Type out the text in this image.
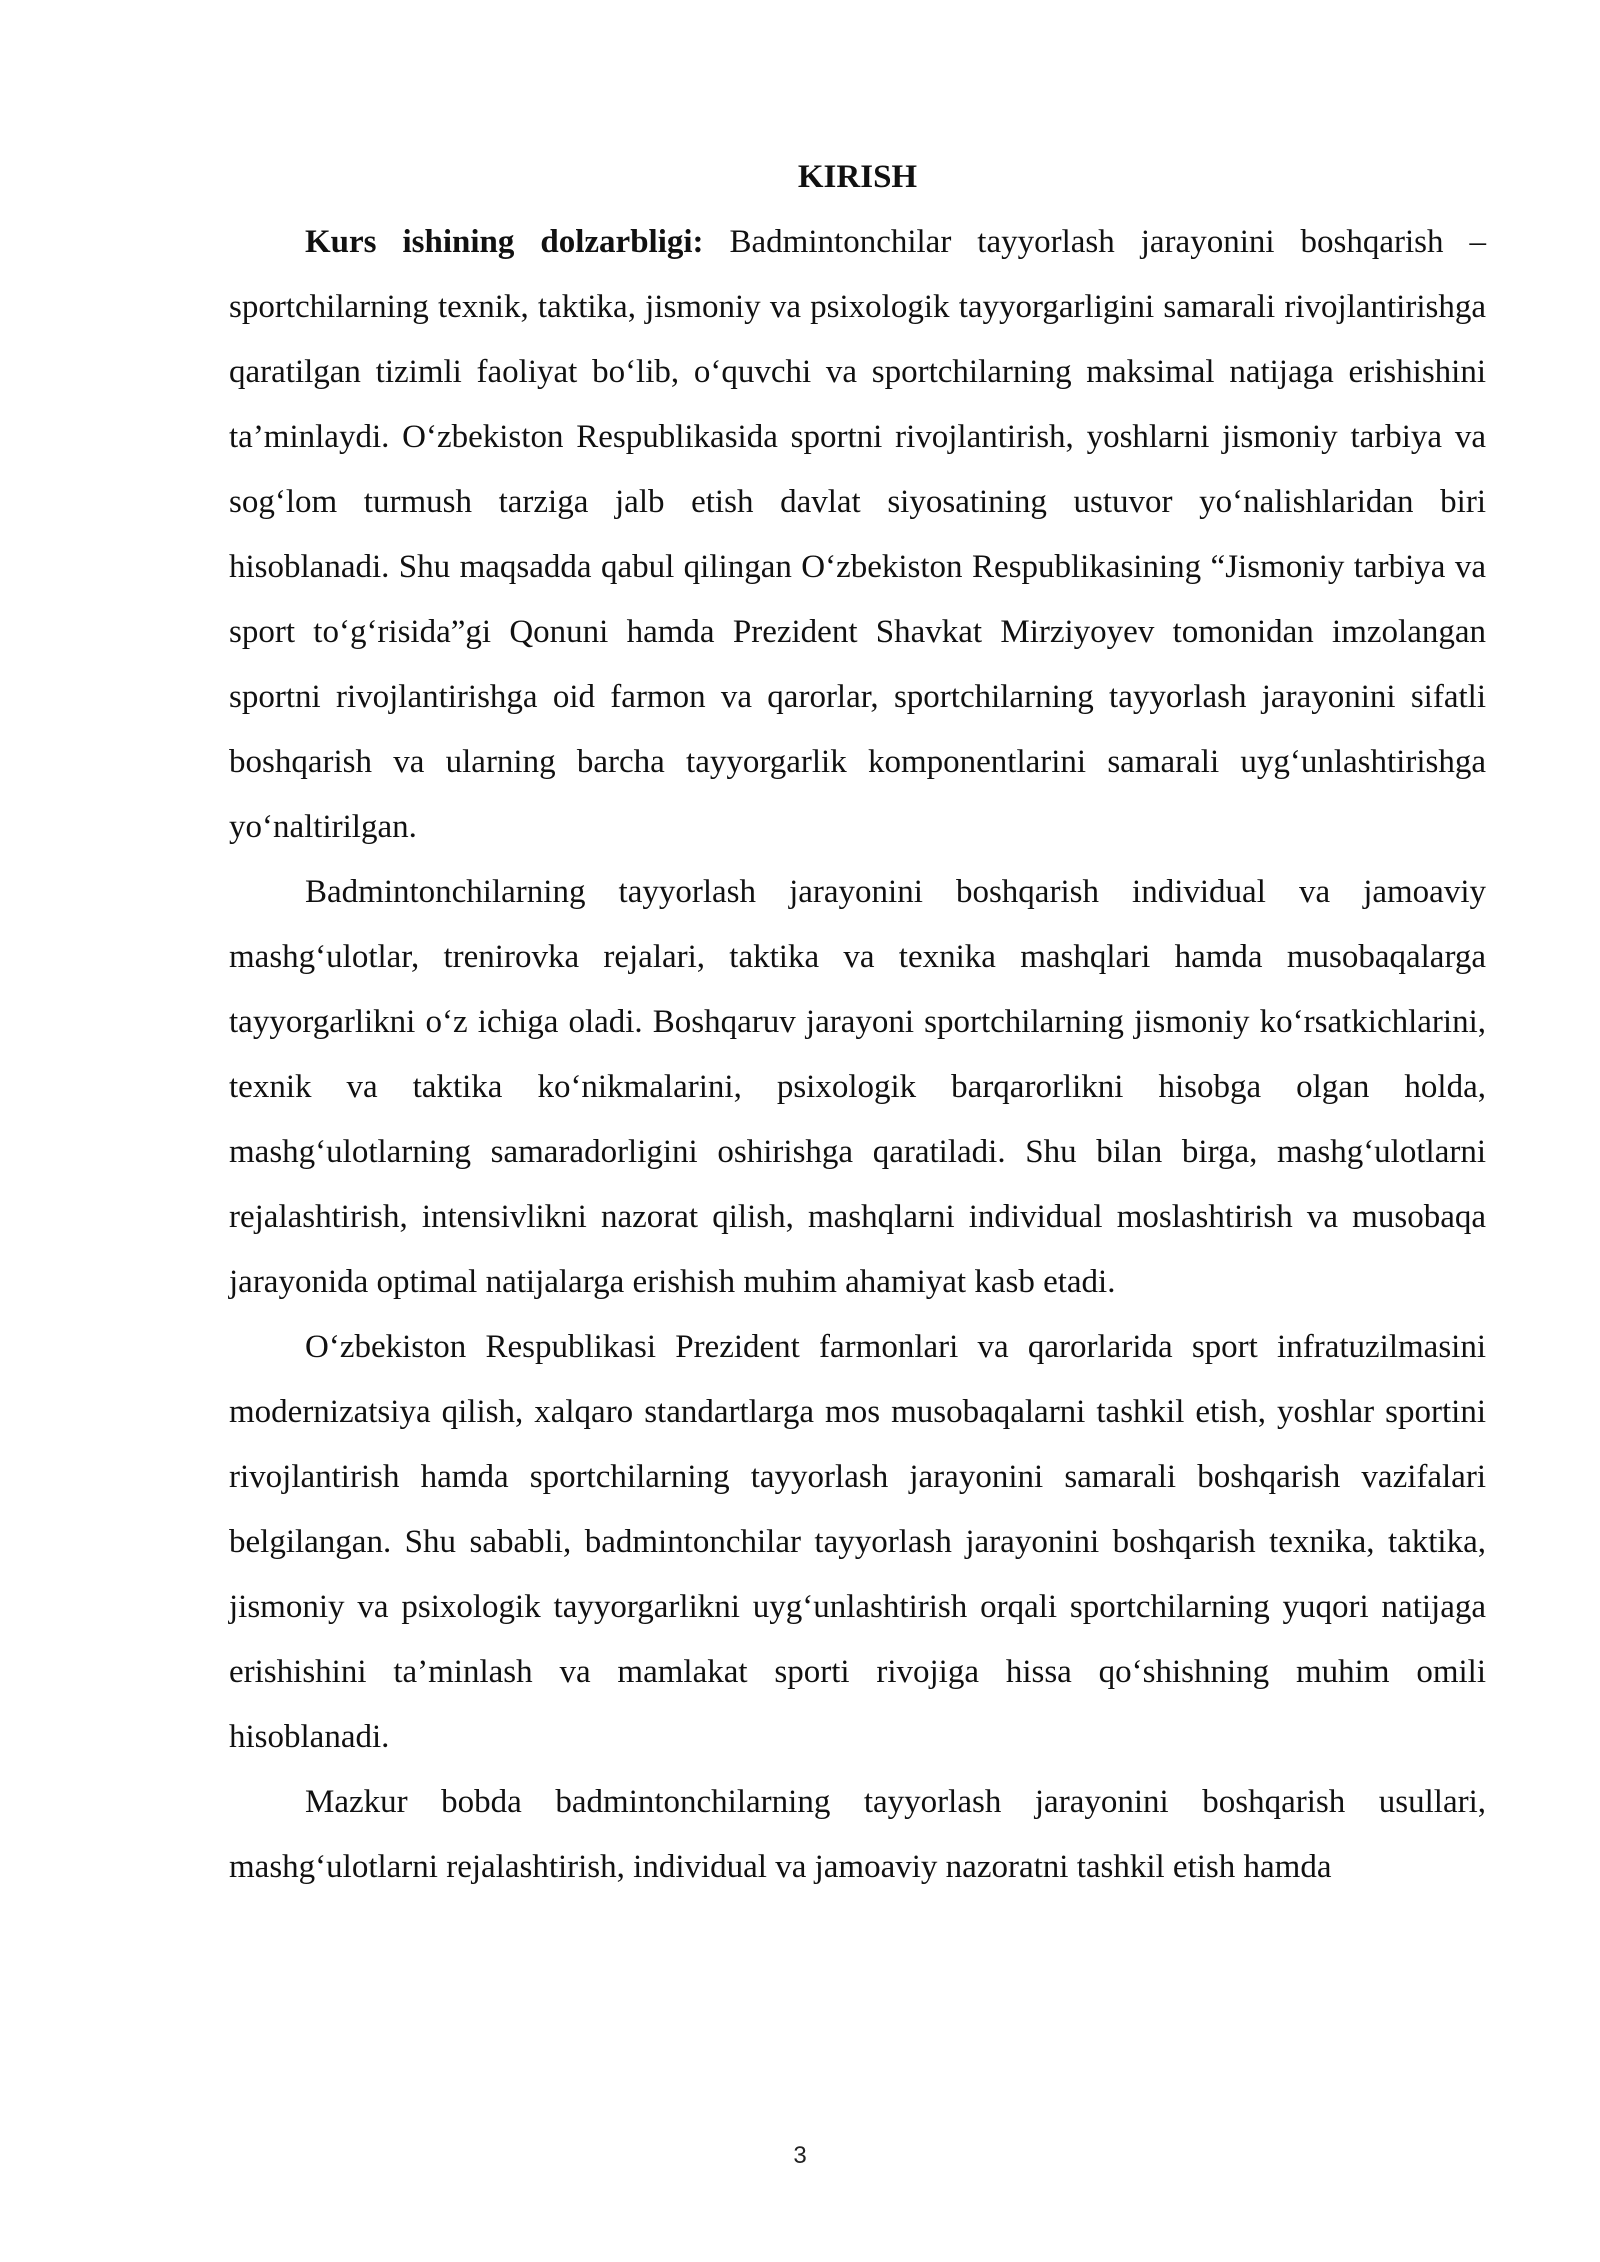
KIRISH

Kurs ishining dolzarbligi: Badmintonchilar tayyorlash jarayonini boshqarish – sportchilarning texnik, taktika, jismoniy va psixologik tayyorgarligini samarali rivojlantirishga qaratilgan tizimli faoliyat bo‘lib, o‘quvchi va sportchilarning maksimal natijaga erishishini ta’minlaydi. O‘zbekiston Respublikasida sportni rivojlantirish, yoshlarni jismoniy tarbiya va sog‘lom turmush tarziga jalb etish davlat siyosatining ustuvor yo‘nalishlaridan biri hisoblanadi. Shu maqsadda qabul qilingan O‘zbekiston Respublikasining “Jismoniy tarbiya va sport to‘g‘risida”gi Qonuni hamda Prezident Shavkat Mirziyoyev tomonidan imzolangan sportni rivojlantirishga oid farmon va qarorlar, sportchilarning tayyorlash jarayonini sifatli boshqarish va ularning barcha tayyorgarlik komponentlarini samarali uyg‘unlashtirishga yo‘naltirilgan.

Badmintonchilarning tayyorlash jarayonini boshqarish individual va jamoaviy mashg‘ulotlar, trenirovka rejalari, taktika va texnika mashqlari hamda musobaqalarga tayyorgarlikni o‘z ichiga oladi. Boshqaruv jarayoni sportchilarning jismoniy ko‘rsatkichlarini, texnik va taktika ko‘nikmalarini, psixologik barqarorlikni hisobga olgan holda, mashg‘ulotlarning samaradorligini oshirishga qaratiladi. Shu bilan birga, mashg‘ulotlarni rejalashtirish, intensivlikni nazorat qilish, mashqlarni individual moslashtirish va musobaqa jarayonida optimal natijalarga erishish muhim ahamiyat kasb etadi.

O‘zbekiston Respublikasi Prezident farmonlari va qarorlarida sport infratuzilmasini modernizatsiya qilish, xalqaro standartlarga mos musobaqalarni tashkil etish, yoshlar sportini rivojlantirish hamda sportchilarning tayyorlash jarayonini samarali boshqarish vazifalari belgilangan. Shu sababli, badmintonchilar tayyorlash jarayonini boshqarish texnika, taktika, jismoniy va psixologik tayyorgarlikni uyg‘unlashtirish orqali sportchilarning yuqori natijaga erishishini ta’minlash va mamlakat sporti rivojiga hissa qo‘shishning muhim omili hisoblanadi.

Mazkur bobda badmintonchilarning tayyorlash jarayonini boshqarish usullari, mashg‘ulotlarni rejalashtirish, individual va jamoaviy nazoratni tashkil etish hamda

3
